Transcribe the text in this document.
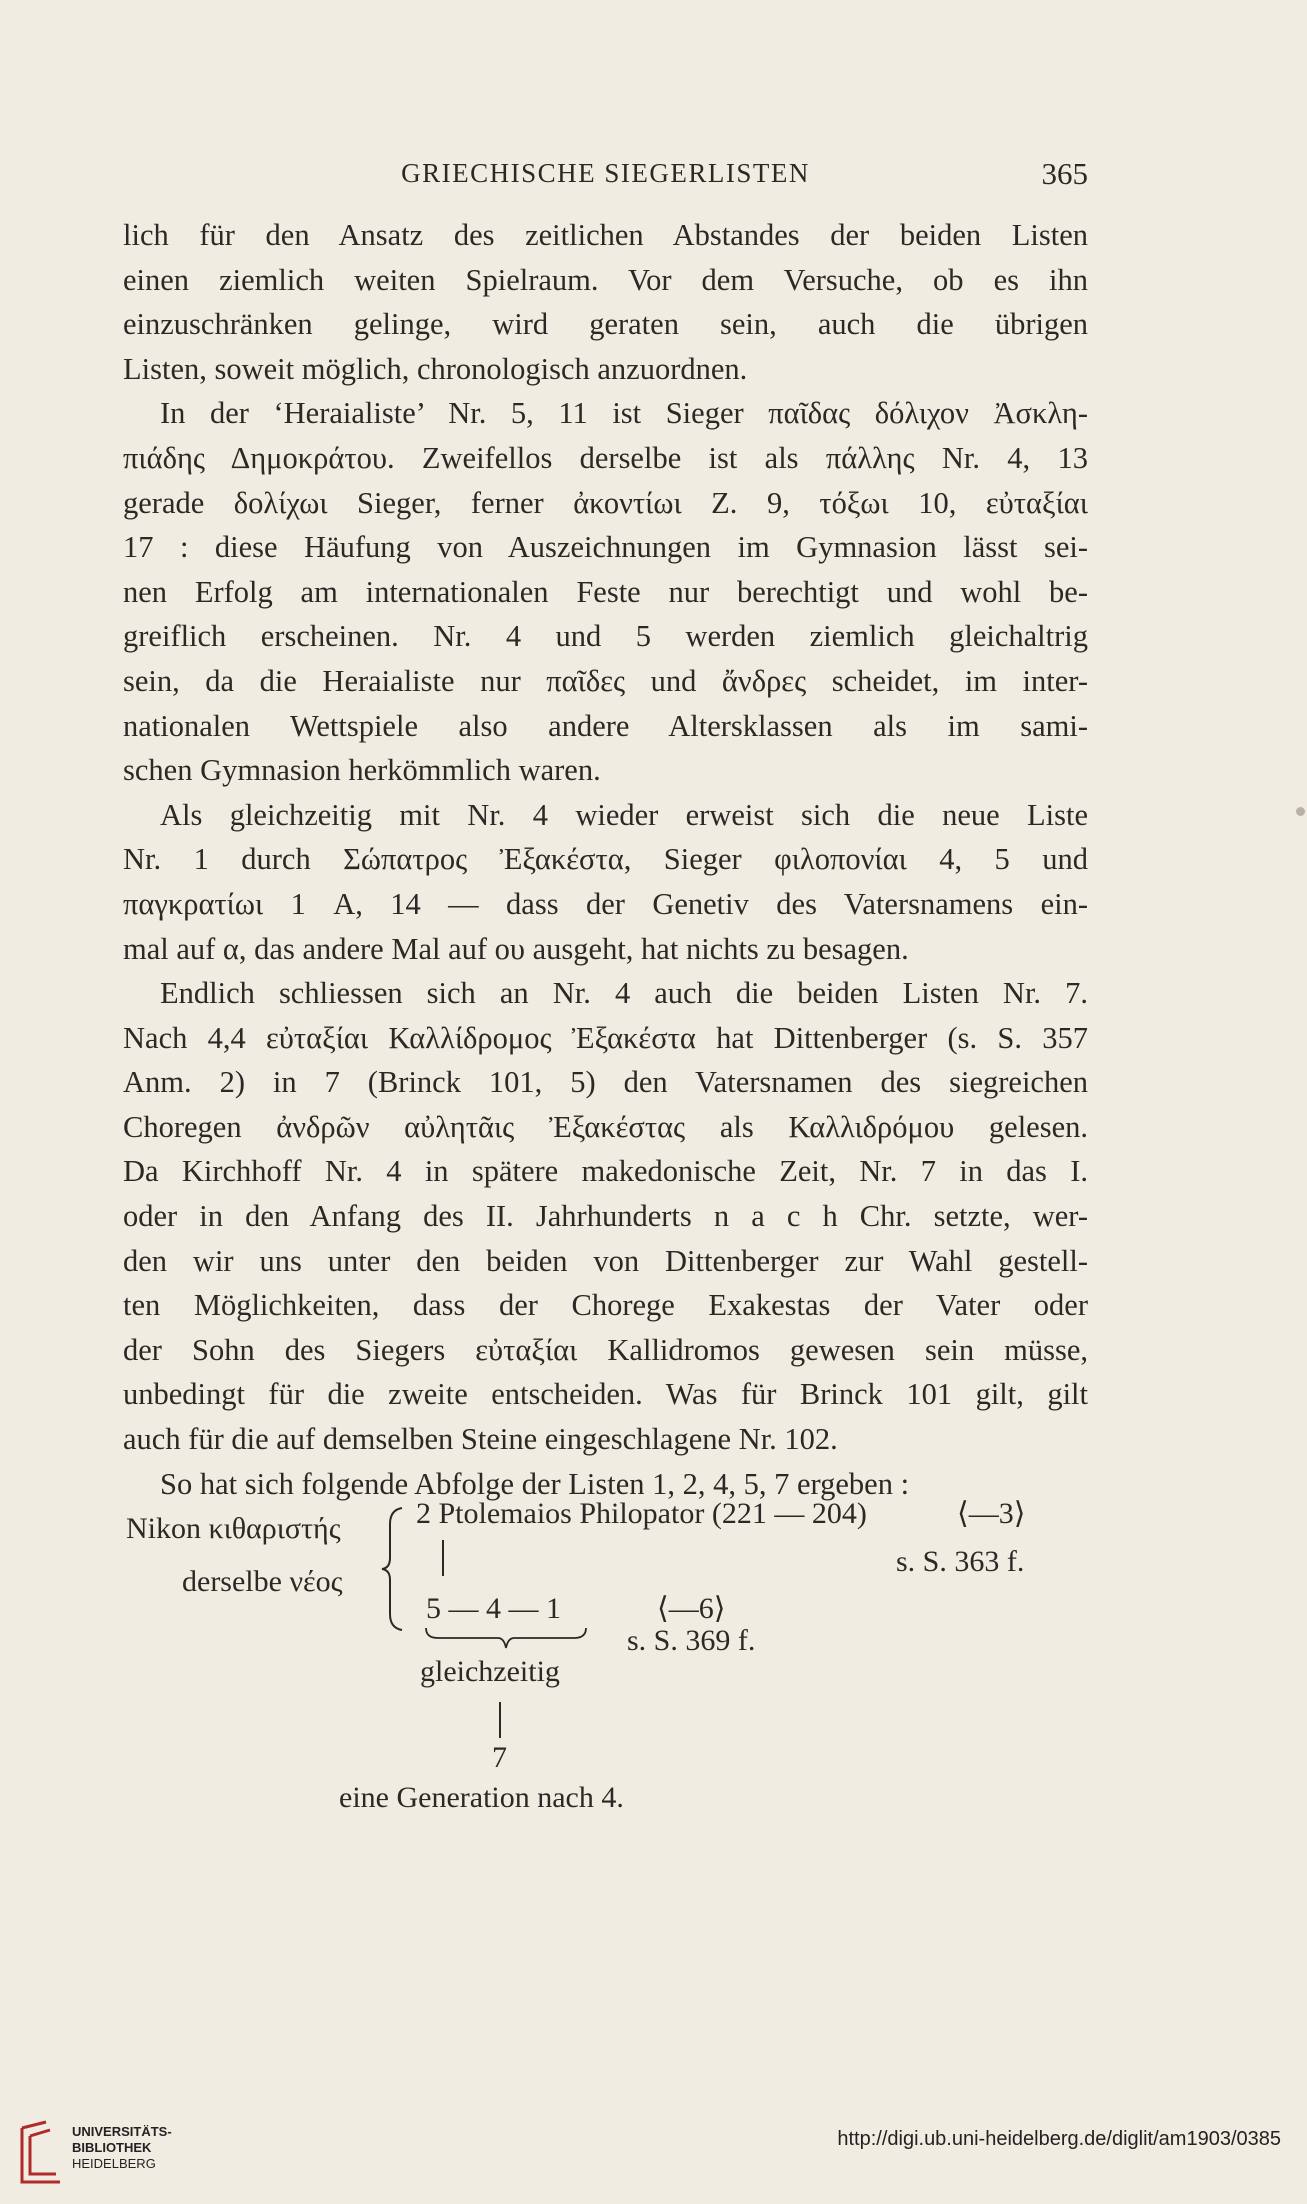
GRIECHISCHE SIEGERLISTEN	365
lich für den Ansatz des zeitlichen Abstandes der beiden Listen
einen ziemlich weiten Spielraum. Vor dem Versuche, ob es ihn
einzuschränken gelinge, wird geraten sein, auch die übrigen
Listen, soweit möglich, chronologisch anzuordnen.
In der ‘Heraialiste’ Nr. 5, 11 ist Sieger παῖδας δόλιχον Ἀσκλη-
πιάδης Δημοκράτου. Zweifellos derselbe ist als πάλλης Nr. 4, 13
gerade δολίχωι Sieger, ferner ἀκοντίωι Z. 9, τόξωι 10, εὐταξίαι
17 : diese Häufung von Auszeichnungen im Gymnasion lässt sei-
nen Erfolg am internationalen Feste nur berechtigt und wohl be-
greiflich erscheinen. Nr. 4 und 5 werden ziemlich gleichaltrig
sein, da die Heraialiste nur παῖδες und ἄνδρες scheidet, im inter-
nationalen Wettspiele also andere Altersklassen als im sami-
schen Gymnasion herkömmlich waren.
Als gleichzeitig mit Nr. 4 wieder erweist sich die neue Liste
Nr. 1 durch Σώπατρος Ἐξακέστα, Sieger φιλοπονίαι 4, 5 und
παγκρατίωι 1 A, 14 — dass der Genetiv des Vatersnamens ein-
mal auf α, das andere Mal auf ου ausgeht, hat nichts zu besagen.
Endlich schliessen sich an Nr. 4 auch die beiden Listen Nr. 7.
Nach 4,4 εὐταξίαι Καλλίδρομος Ἐξακέστα hat Dittenberger (s. S. 357
Anm. 2) in 7 (Brinck 101, 5) den Vatersnamen des siegreichen
Choregen ἀνδρῶν αὐλητᾶις Ἐξακέστας als Καλλιδρόμου gelesen.
Da Kirchhoff Nr. 4 in spätere makedonische Zeit, Nr. 7 in das I.
oder in den Anfang des II. Jahrhunderts n a c h Chr. setzte, wer-
den wir uns unter den beiden von Dittenberger zur Wahl gestell-
ten Möglichkeiten, dass der Chorege Exakestas der Vater oder
der Sohn des Siegers εὐταξίαι Kallidromos gewesen sein müsse,
unbedingt für die zweite entscheiden. Was für Brinck 101 gilt, gilt
auch für die auf demselben Steine eingeschlagene Nr. 102.
So hat sich folgende Abfolge der Listen 1, 2, 4, 5, 7 ergeben :
Nikon κιθαριστής
derselbe νέος
2 Ptolemaios Philopator (221 — 204)	⟨—3⟩
s. S. 363 f.
5 — 4 — 1	⟨—6⟩
s. S. 369 f.
gleichzeitig
7
eine Generation nach 4.
UNIVERSITÄTS-
BIBLIOTHEK
HEIDELBERG
http://digi.ub.uni-heidelberg.de/diglit/am1903/0385
